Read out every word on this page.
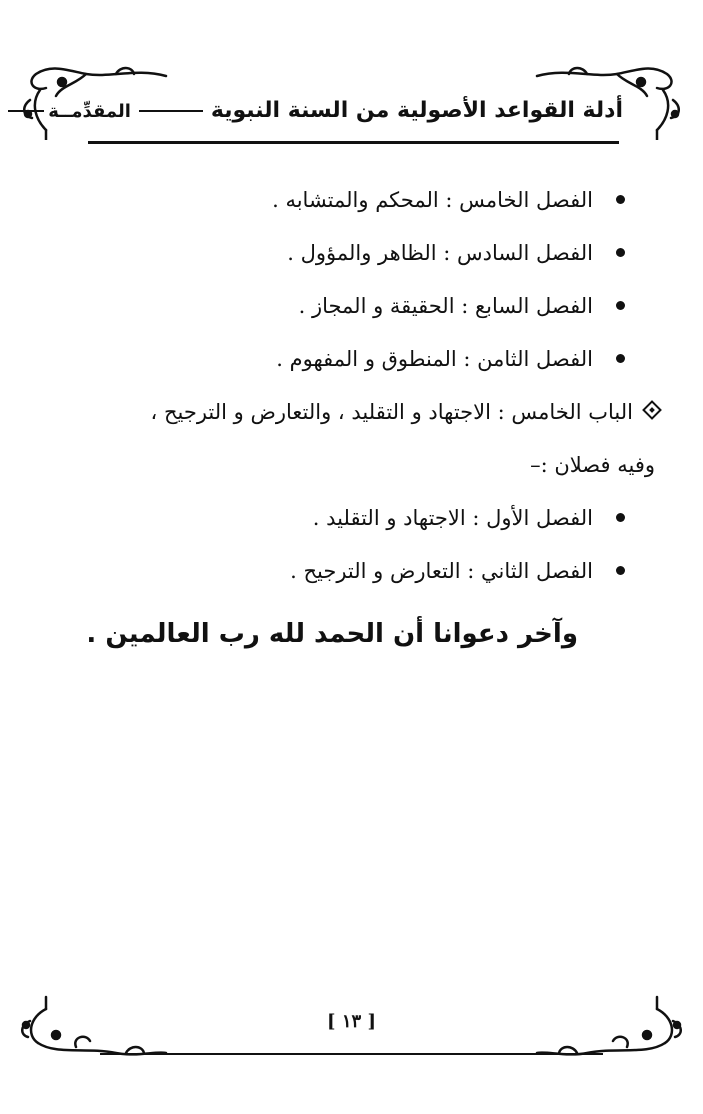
أدلة القواعد الأصولية من السنة النبويةالمقدِّمــة
الفصل الخامس : المحكم والمتشابه .
الفصل السادس : الظاهر والمؤول .
الفصل السابع : الحقيقة و المجاز .
الفصل الثامن : المنطوق و المفهوم .
الباب الخامس : الاجتهاد و التقليد ، والتعارض و الترجيح ،
وفيه فصلان :–
الفصل الأول : الاجتهاد و التقليد .
الفصل الثاني : التعارض و الترجيح .
وآخر دعوانا أن الحمد لله رب العالمين .
[ ١٣ ]
